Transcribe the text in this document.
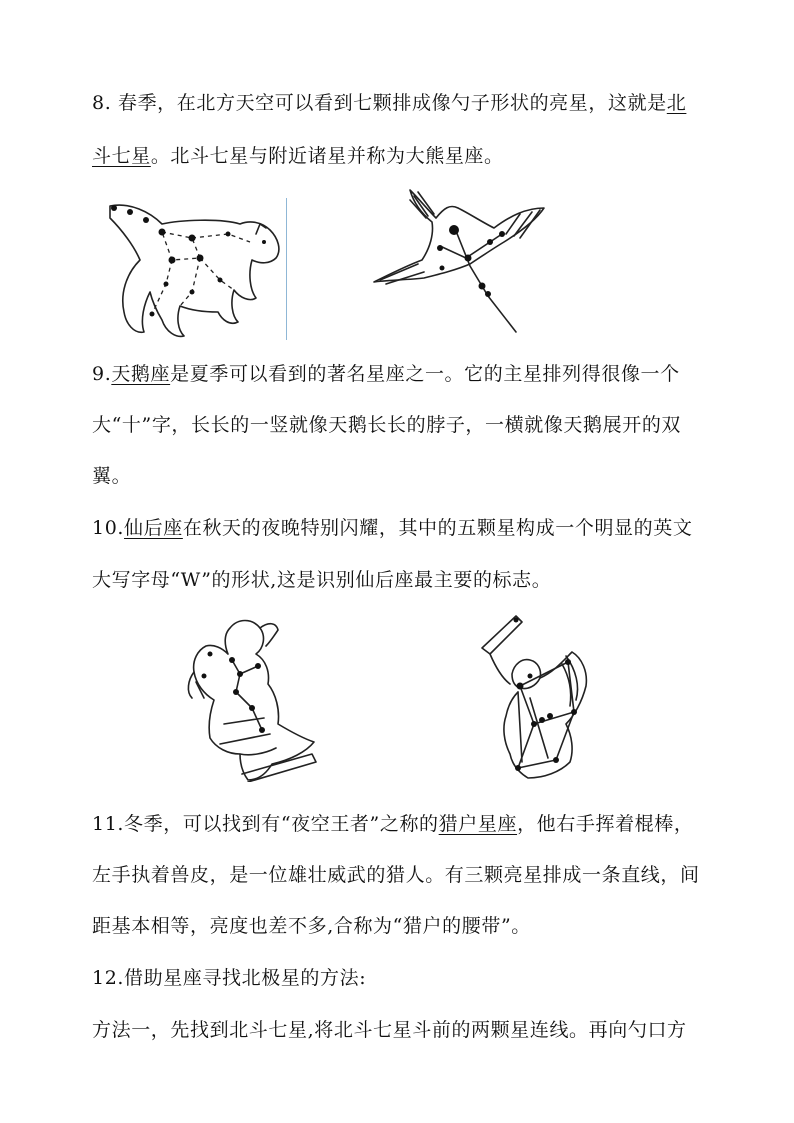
8. 春季，在北方天空可以看到七颗排成像勺子形状的亮星，这就是北
斗七星。北斗七星与附近诸星并称为大熊星座。
9.天鹅座是夏季可以看到的著名星座之一。它的主星排列得很像一个
大“十”字，长长的一竖就像天鹅长长的脖子，一横就像天鹅展开的双
翼。
10.仙后座在秋天的夜晚特别闪耀，其中的五颗星构成一个明显的英文
大写字母“W”的形状,这是识别仙后座最主要的标志。
11.冬季，可以找到有“夜空王者”之称的猎户星座，他右手挥着棍棒，
左手执着兽皮，是一位雄壮威武的猎人。有三颗亮星排成一条直线，间
距基本相等，亮度也差不多,合称为“猎户的腰带”。
12.借助星座寻找北极星的方法:
方法一，先找到北斗七星,将北斗七星斗前的两颗星连线。再向勺口方
